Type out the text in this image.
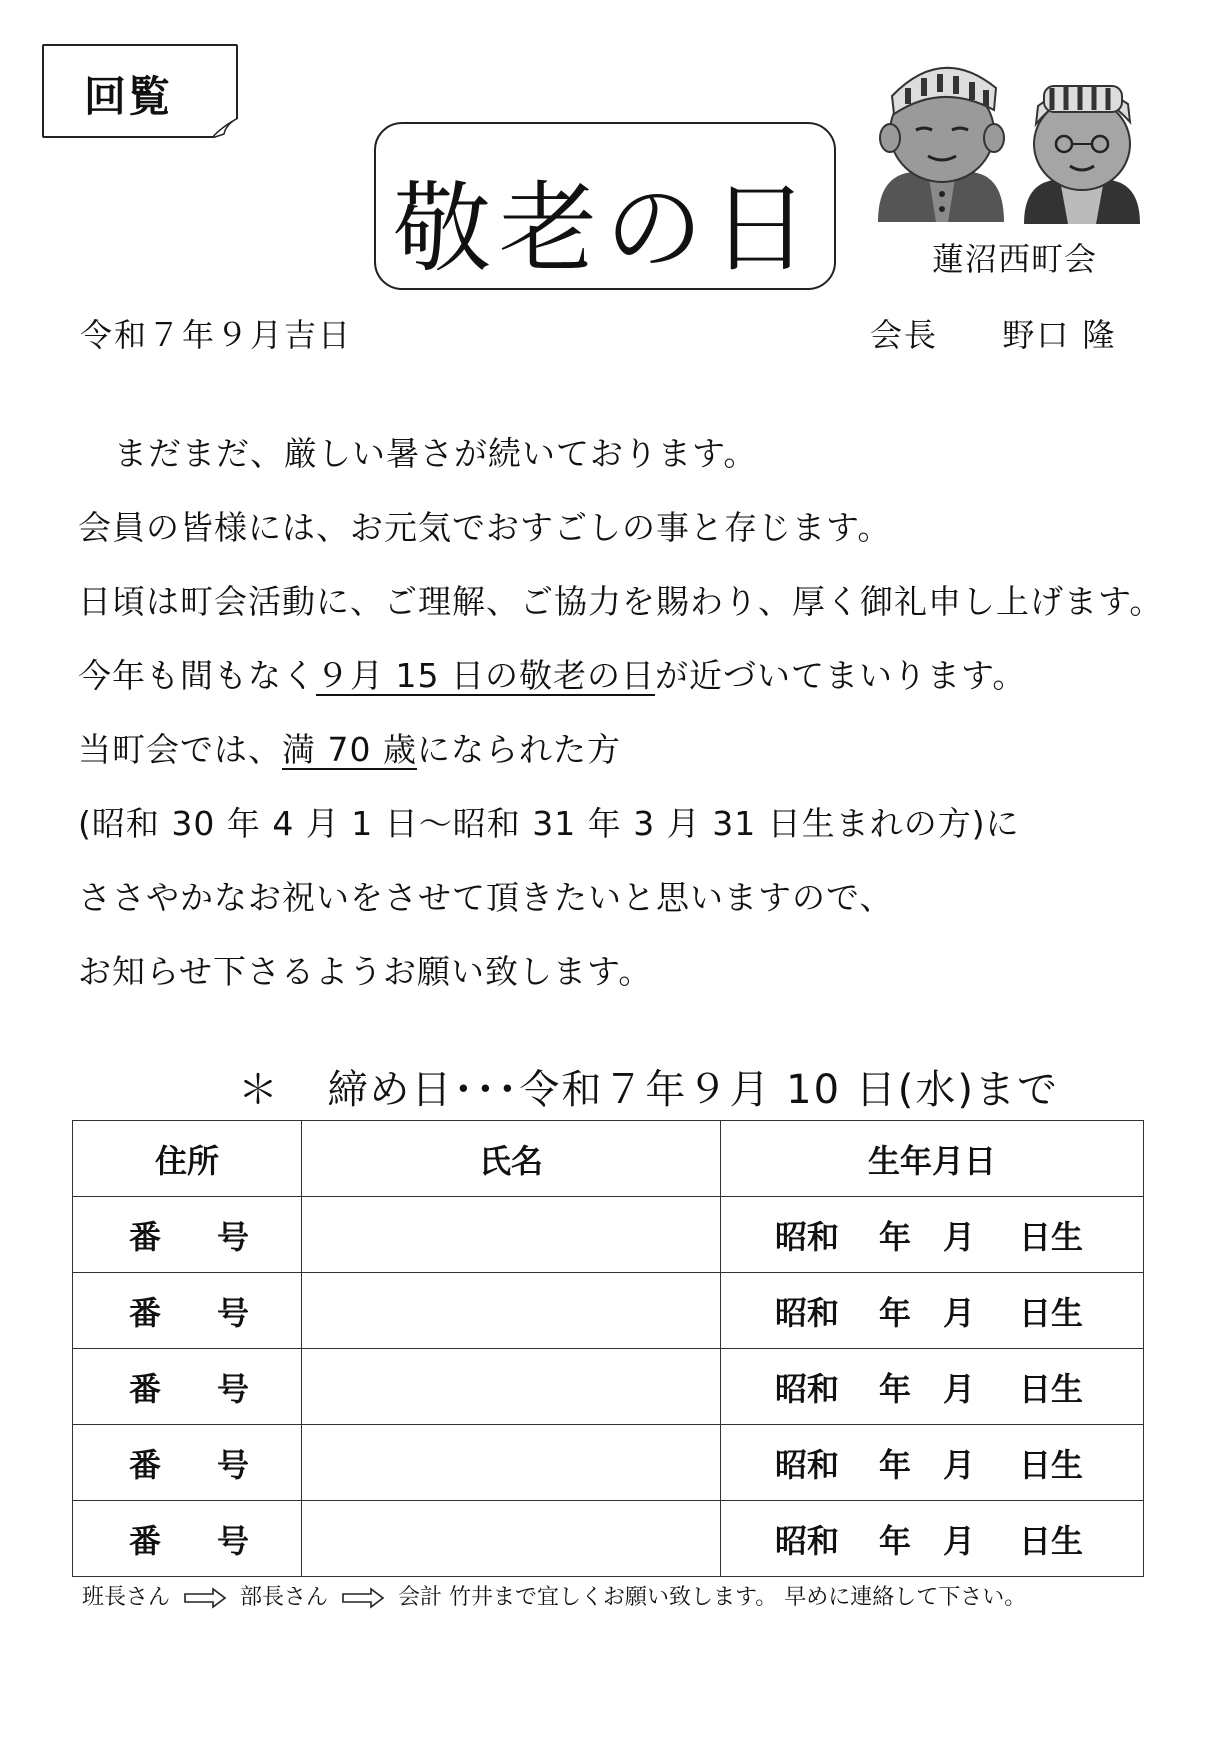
回覧
敬老の日	蓮沼西町会
令和７年９月吉日	会長 野口 隆
まだまだ、厳しい暑さが続いております。
会員の皆様には、お元気でおすごしの事と存じます。
日頃は町会活動に、ご理解、ご協力を賜わり、厚く御礼申し上げます。
今年も間もなく９月 15 日の敬老の日が近づいてまいります。
当町会では、満 70 歳になられた方
(昭和 30 年 4 月 1 日～昭和 31 年 3 月 31 日生まれの方)に
ささやかなお祝いをさせて頂きたいと思いますので、
お知らせ下さるようお願い致します。
＊ 締め日･･･令和７年９月 10 日(水)まで
住所	氏名	生年月日
番 号		昭和 年 月 日生
番 号		昭和 年 月 日生
番 号		昭和 年 月 日生
番 号		昭和 年 月 日生
番 号		昭和 年 月 日生
班長さん	部長さん	会計 竹井まで宜しくお願い致します。 早めに連絡して下さい。
